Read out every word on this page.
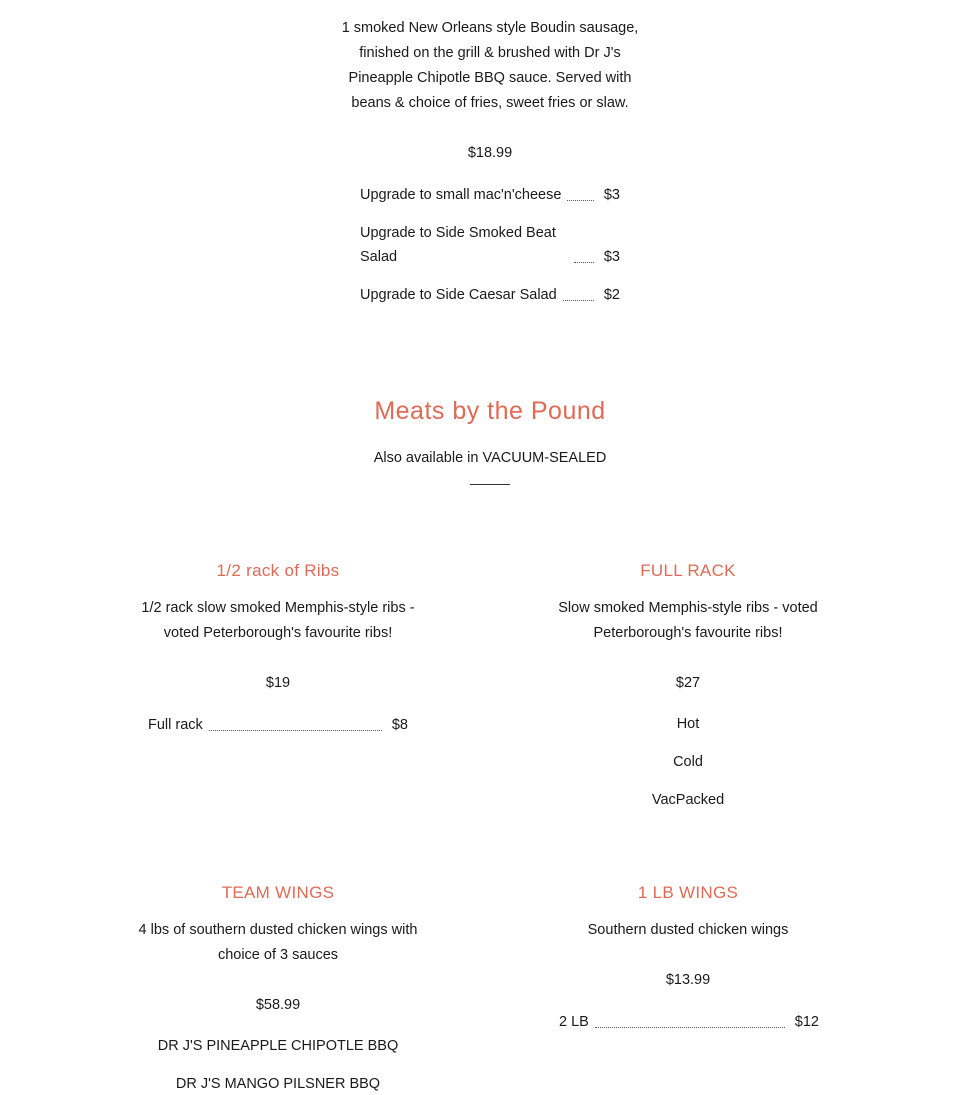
1 smoked New Orleans style Boudin sausage, finished on the grill & brushed with Dr J's Pineapple Chipotle BBQ sauce. Served with beans & choice of fries, sweet fries or slaw.
$18.99
Upgrade to small mac'n'cheese	$3
Upgrade to Side Smoked Beat Salad	$3
Upgrade to Side Caesar Salad	$2
Meats by the Pound
Also available in VACUUM-SEALED
1/2 rack of Ribs
1/2 rack slow smoked Memphis-style ribs - voted Peterborough's favourite ribs!
$19
Full rack	$8
FULL RACK
Slow smoked Memphis-style ribs - voted Peterborough's favourite ribs!
$27
Hot
Cold
VacPacked
TEAM WINGS
4 lbs of southern dusted chicken wings with choice of 3 sauces
$58.99
DR J'S PINEAPPLE CHIPOTLE BBQ
DR J'S MANGO PILSNER BBQ
1 LB WINGS
Southern dusted chicken wings
$13.99
2 LB	$12
